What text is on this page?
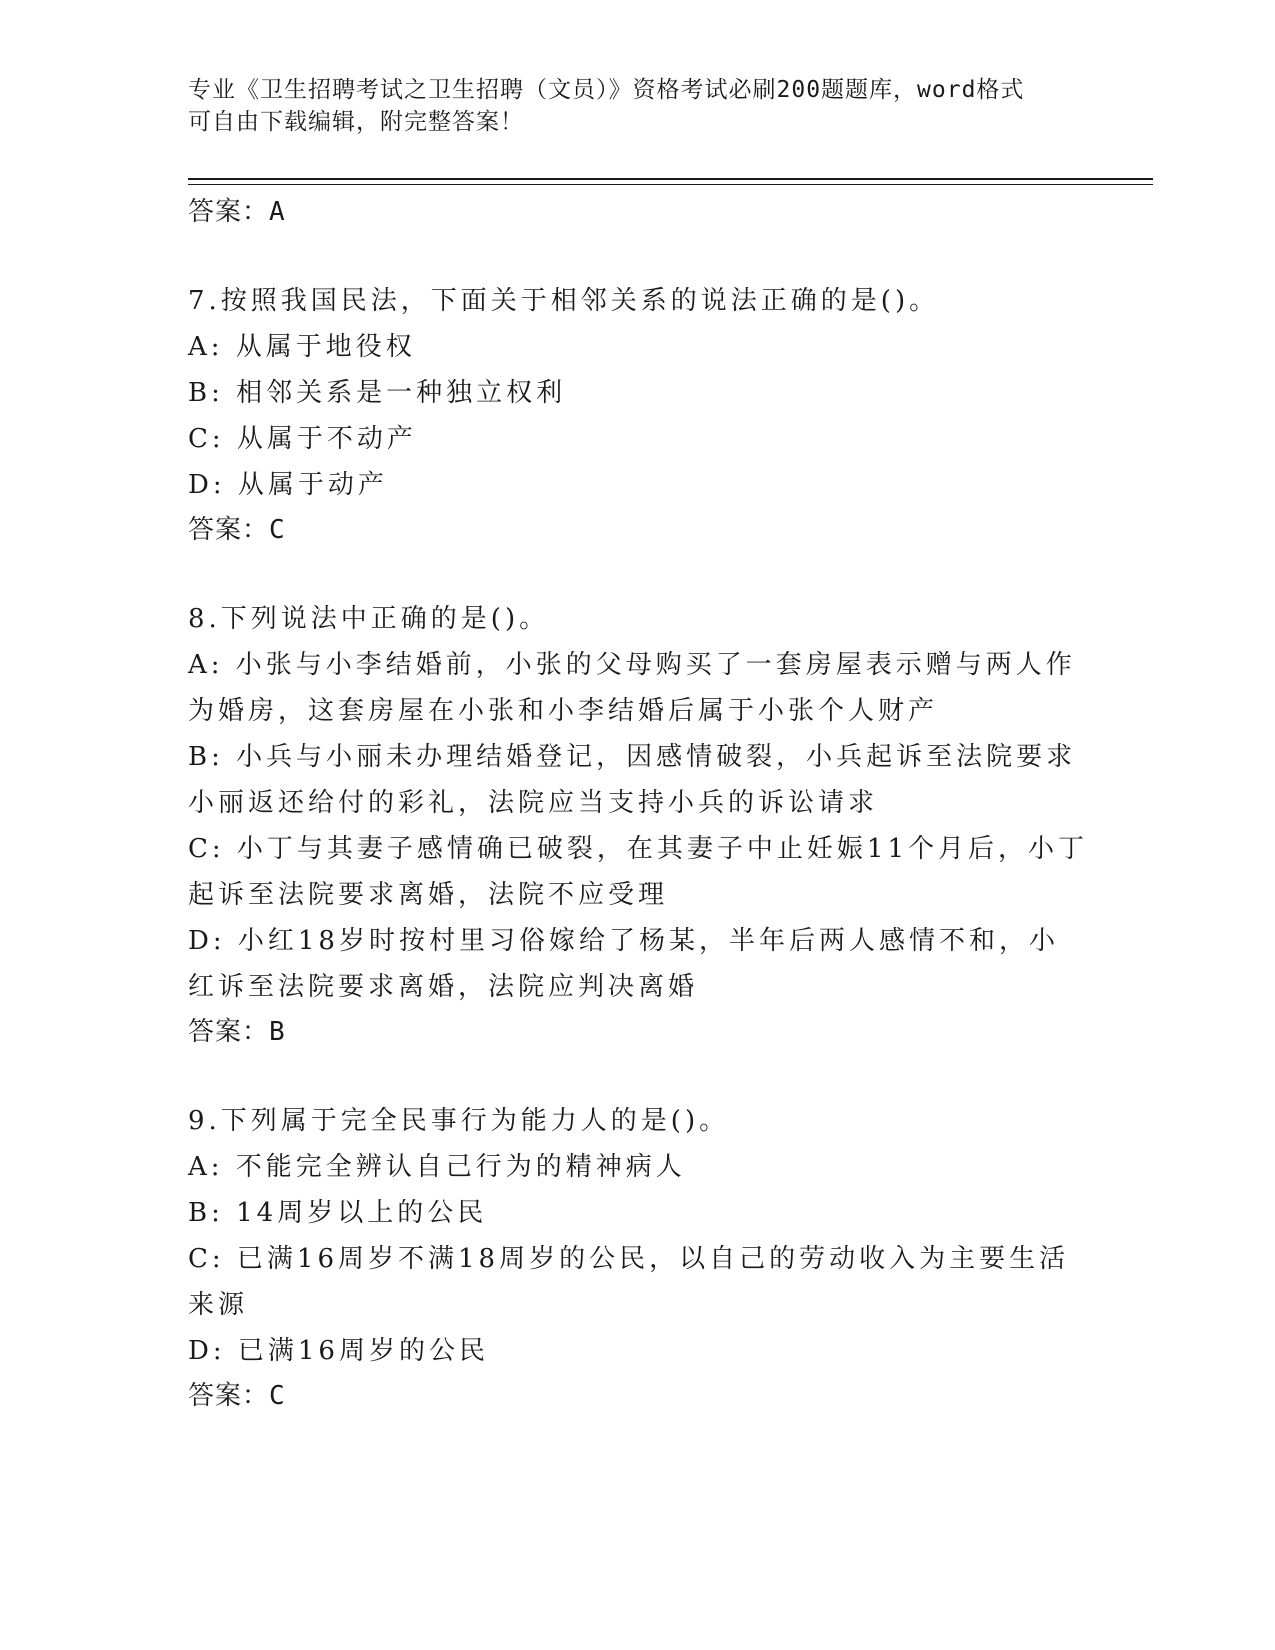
专业《卫生招聘考试之卫生招聘（文员）》资格考试必刷200题题库，word格式
可自由下载编辑，附完整答案！
答案：A
7.按照我国民法，下面关于相邻关系的说法正确的是()。
A: 从属于地役权
B: 相邻关系是一种独立权利
C: 从属于不动产
D: 从属于动产
答案：C
8.下列说法中正确的是()。
A: 小张与小李结婚前，小张的父母购买了一套房屋表示赠与两人作为婚房，这套房屋在小张和小李结婚后属于小张个人财产
B: 小兵与小丽未办理结婚登记，因感情破裂，小兵起诉至法院要求小丽返还给付的彩礼，法院应当支持小兵的诉讼请求
C: 小丁与其妻子感情确已破裂，在其妻子中止妊娠11个月后，小丁起诉至法院要求离婚，法院不应受理
D: 小红18岁时按村里习俗嫁给了杨某，半年后两人感情不和，小红诉至法院要求离婚，法院应判决离婚
答案：B
9.下列属于完全民事行为能力人的是()。
A: 不能完全辨认自己行为的精神病人
B: 14周岁以上的公民
C: 已满16周岁不满18周岁的公民，以自己的劳动收入为主要生活来源
D: 已满16周岁的公民
答案：C
